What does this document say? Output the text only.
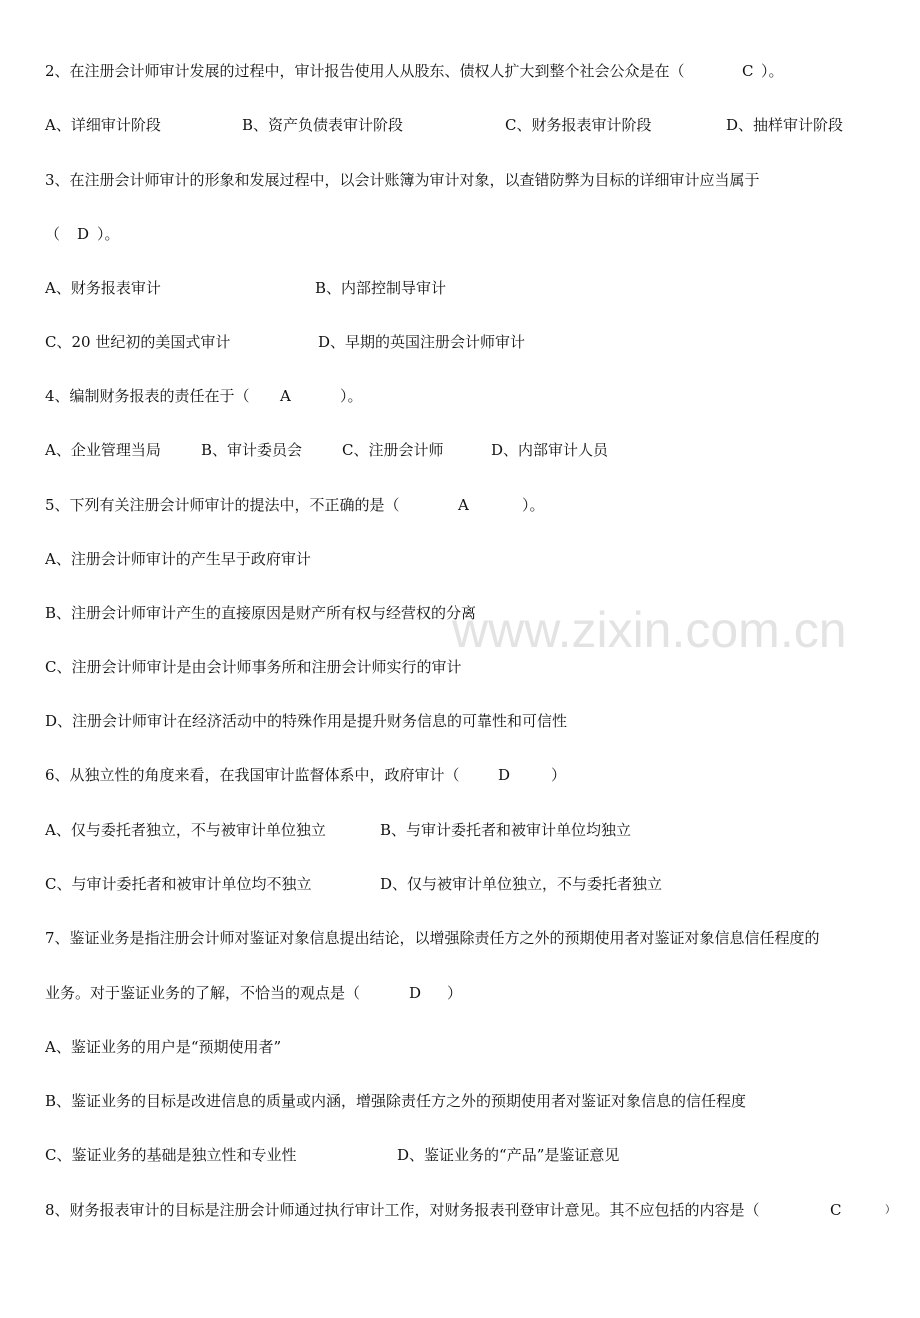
www.zixin.com.cn

2、在注册会计师审计发展的过程中，审计报告使用人从股东、债权人扩大到整个社会公众是在（

	C

）。

A、详细审计阶段

	B、资产负债表审计阶段

	C、财务报表审计阶段

	D、抽样审计阶段

3、在注册会计师审计的形象和发展过程中，以会计账簿为审计对象，以查错防弊为目标的详细审计应当属于

（

D

）。

A、财务报表审计

	B、内部控制导审计

C、20 世纪初的美国式审计

	D、早期的英国注册会计师审计

4、编制财务报表的责任在于（

A

	）。

A、企业管理当局

	B、审计委员会

	C、注册会计师

	D、内部审计人员

5、下列有关注册会计师审计的提法中，不正确的是（

	A

	）。

A、注册会计师审计的产生早于政府审计

B、注册会计师审计产生的直接原因是财产所有权与经营权的分离

C、注册会计师审计是由会计师事务所和注册会计师实行的审计

D、注册会计师审计在经济活动中的特殊作用是提升财务信息的可靠性和可信性

6、从独立性的角度来看，在我国审计监督体系中，政府审计（

	D

	）

A、仅与委托者独立，不与被审计单位独立

	B、与审计委托者和被审计单位均独立

C、与审计委托者和被审计单位均不独立

	D、仅与被审计单位独立，不与委托者独立

7、鉴证业务是指注册会计师对鉴证对象信息提出结论，以增强除责任方之外的预期使用者对鉴证对象信息信任程度的

业务。对于鉴证业务的了解，不恰当的观点是（

	D

）

A、鉴证业务的用户是“预期使用者”

B、鉴证业务的目标是改进信息的质量或内涵，增强除责任方之外的预期使用者对鉴证对象信息的信任程度

C、鉴证业务的基础是独立性和专业性

	D、鉴证业务的“产品”是鉴证意见

8、财务报表审计的目标是注册会计师通过执行审计工作，对财务报表刊登审计意见。其不应包括的内容是（

	C

	）
